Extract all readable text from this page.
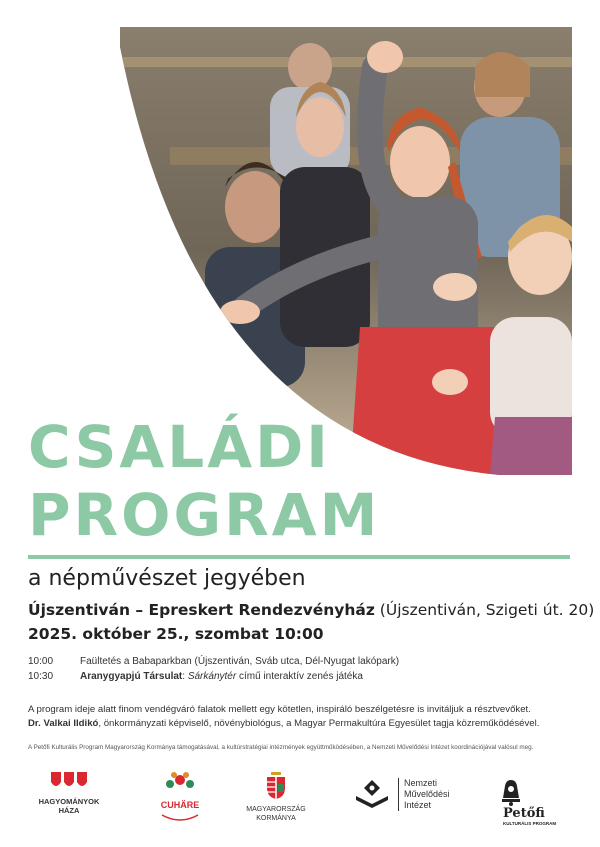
CSALÁDI
PROGRAM
a népművészet jegyében
Újszentiván – Epreskert Rendezvényház (Újszentiván, Szigeti út. 20)
2025. október 25., szombat 10:00
10:00	Faültetés a Babaparkban (Újszentiván, Sváb utca, Dél-Nyugat lakópark)
10:30	Aranygyapjú Társulat: Sárkánytér című interaktív zenés játéka
A program ideje alatt finom vendégváró falatok mellett egy kötetlen, inspiráló beszélgetésre is invitáljuk a résztvevőket.
Dr. Valkai Ildikó, önkormányzati képviselő, növénybiológus, a Magyar Permakultúra Egyesület tagja közreműködésével.
A Petőfi Kulturális Program Magyarország Kormánya támogatásával, a kultúrstratégiai intézmények együttműködésében, a Nemzeti Művelődési Intézet koordinációjával valósul meg.
HAGYOMÁNYOK
HÁZA
CUHÄRE	MAGYARORSZÁG
KORMÁNYA
Nemzeti
Művelődési
Intézet
Petőfi
KULTURÁLIS PROGRAM
